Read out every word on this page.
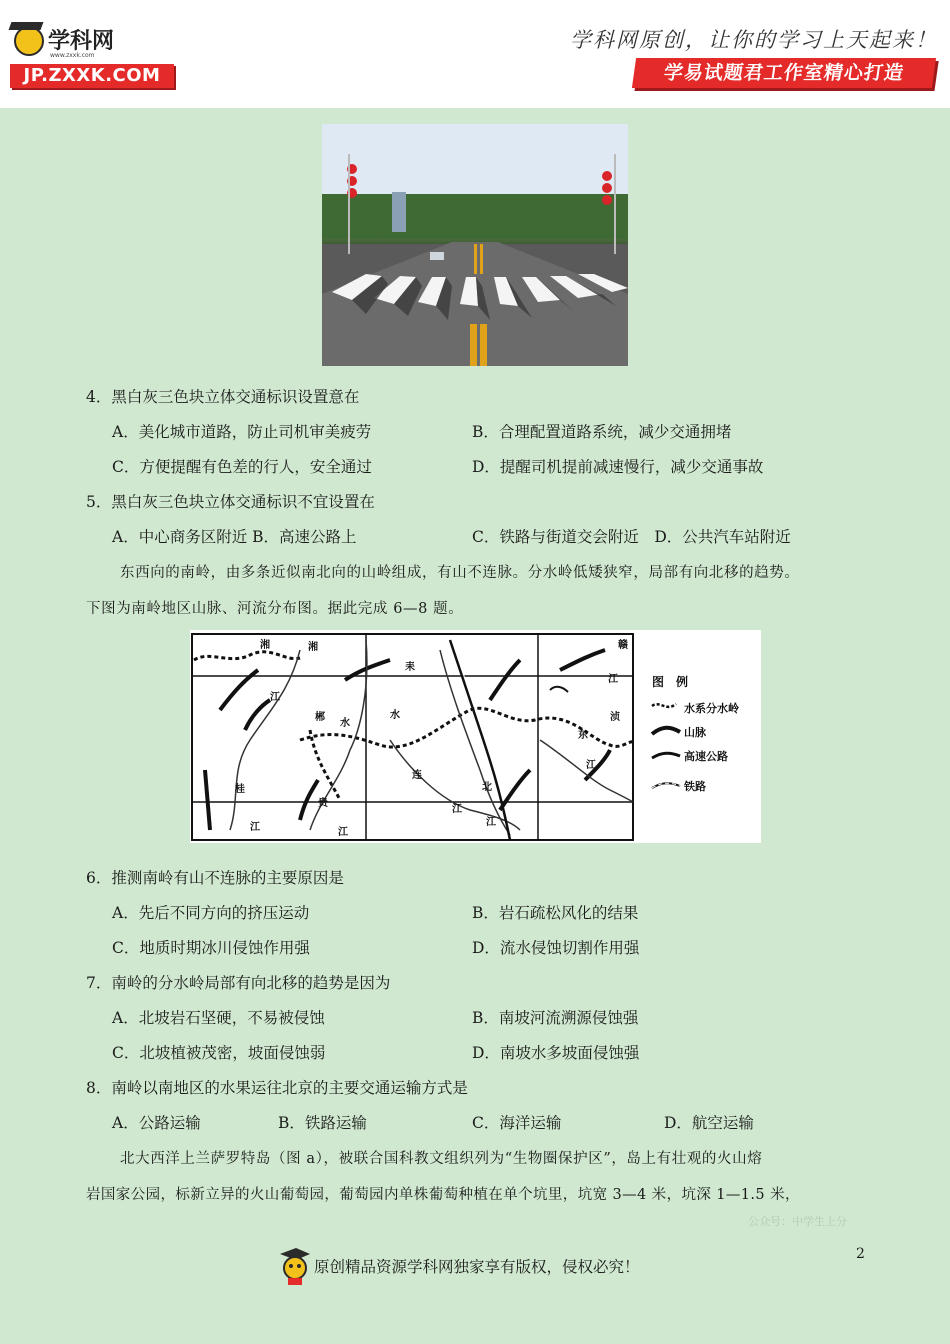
学科网
www.zxxk.com
JP.ZXXK.COM
学科网原创，让你的学习上天起来！
学易试题君工作室精心打造
4．黑白灰三色块立体交通标识设置意在
A．美化城市道路，防止司机审美疲劳	B．合理配置道路系统，减少交通拥堵
C．方便提醒有色差的行人，安全通过	D．提醒司机提前减速慢行，减少交通事故
5．黑白灰三色块立体交通标识不宜设置在
A．中心商务区附近 B．高速公路上	C．铁路与街道交会附近　D．公共汽车站附近
东西向的南岭，由多条近似南北向的山岭组成，有山不连脉。分水岭低矮狭窄，局部有向北移的趋势。
下图为南岭地区山脉、河流分布图。据此完成 6—8 题。
湘
江
郴
水
耒
湘	赣
江
桂
江
连
江
北
江
贵
江
东
江
浈
水
图　例
水系分水岭
山脉
高速公路
铁路
6．推测南岭有山不连脉的主要原因是
A．先后不同方向的挤压运动	B．岩石疏松风化的结果
C．地质时期冰川侵蚀作用强	D．流水侵蚀切割作用强
7．南岭的分水岭局部有向北移的趋势是因为
A．北坡岩石坚硬，不易被侵蚀	B．南坡河流溯源侵蚀强
C．北坡植被茂密，坡面侵蚀弱	D．南坡水多坡面侵蚀强
8．南岭以南地区的水果运往北京的主要交通运输方式是
A．公路运输	B．铁路运输	C．海洋运输	D．航空运输
北大西洋上兰萨罗特岛（图 a），被联合国科教文组织列为“生物圈保护区”，岛上有壮观的火山熔
岩国家公园，标新立异的火山葡萄园，葡萄园内单株葡萄种植在单个坑里，坑宽 3—4 米，坑深 1—1.5 米，
公众号：中学生上分
2
原创精品资源学科网独家享有版权，侵权必究！
